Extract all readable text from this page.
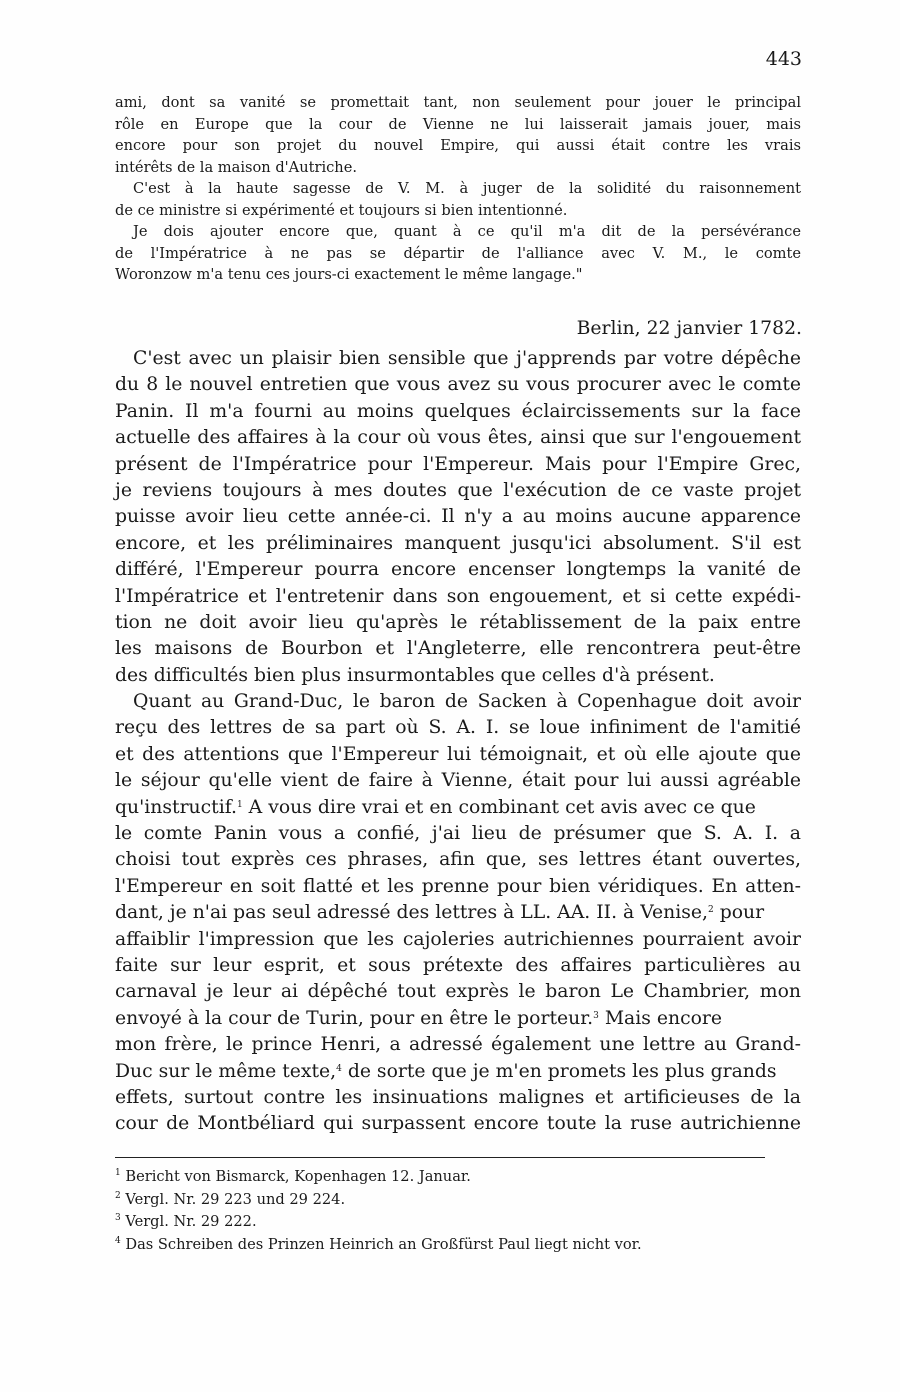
443
ami, dont sa vanité se promettait tant, non seulement pour jouer le principal
rôle en Europe que la cour de Vienne ne lui laisserait jamais jouer, mais
encore pour son projet du nouvel Empire, qui aussi était contre les vrais
intérêts de la maison d'Autriche.
C'est à la haute sagesse de V. M. à juger de la solidité du raisonnement
de ce ministre si expérimenté et toujours si bien intentionné.
Je dois ajouter encore que, quant à ce qu'il m'a dit de la persévérance
de l'Impératrice à ne pas se départir de l'alliance avec V. M., le comte
Woronzow m'a tenu ces jours-ci exactement le même langage."
Berlin, 22 janvier 1782.
C'est avec un plaisir bien sensible que j'apprends par votre dépêche
du 8 le nouvel entretien que vous avez su vous procurer avec le comte
Panin. Il m'a fourni au moins quelques éclaircissements sur la face
actuelle des affaires à la cour où vous êtes, ainsi que sur l'engouement
présent de l'Impératrice pour l'Empereur. Mais pour l'Empire Grec,
je reviens toujours à mes doutes que l'exécution de ce vaste projet
puisse avoir lieu cette année-ci. Il n'y a au moins aucune apparence
encore, et les préliminaires manquent jusqu'ici absolument. S'il est
différé, l'Empereur pourra encore encenser longtemps la vanité de
l'Impératrice et l'entretenir dans son engouement, et si cette expédi-
tion ne doit avoir lieu qu'après le rétablissement de la paix entre
les maisons de Bourbon et l'Angleterre, elle rencontrera peut-être
des difficultés bien plus insurmontables que celles d'à présent.
Quant au Grand-Duc, le baron de Sacken à Copenhague doit avoir
reçu des lettres de sa part où S. A. I. se loue infiniment de l'amitié
et des attentions que l'Empereur lui témoignait, et où elle ajoute que
le séjour qu'elle vient de faire à Vienne, était pour lui aussi agréable
qu'instructif.$^1$ A vous dire vrai et en combinant cet avis avec ce que
le comte Panin vous a confié, j'ai lieu de présumer que S. A. I. a
choisi tout exprès ces phrases, afin que, ses lettres étant ouvertes,
l'Empereur en soit flatté et les prenne pour bien véridiques. En atten-
dant, je n'ai pas seul adressé des lettres à LL. AA. II. à Venise,$^2$ pour
affaiblir l'impression que les cajoleries autrichiennes pourraient avoir
faite sur leur esprit, et sous prétexte des affaires particulières au
carnaval je leur ai dépêché tout exprès le baron Le Chambrier, mon
envoyé à la cour de Turin, pour en être le porteur.$^3$ Mais encore
mon frère, le prince Henri, a adressé également une lettre au Grand-
Duc sur le même texte,$^4$ de sorte que je m'en promets les plus grands
effets, surtout contre les insinuations malignes et artificieuses de la
cour de Montbéliard qui surpassent encore toute la ruse autrichienne
$^1$ Bericht von Bismarck, Kopenhagen 12. Januar.
$^2$ Vergl. Nr. 29 223 und 29 224.
$^3$ Vergl. Nr. 29 222.
$^4$ Das Schreiben des Prinzen Heinrich an Großfürst Paul liegt nicht vor.
